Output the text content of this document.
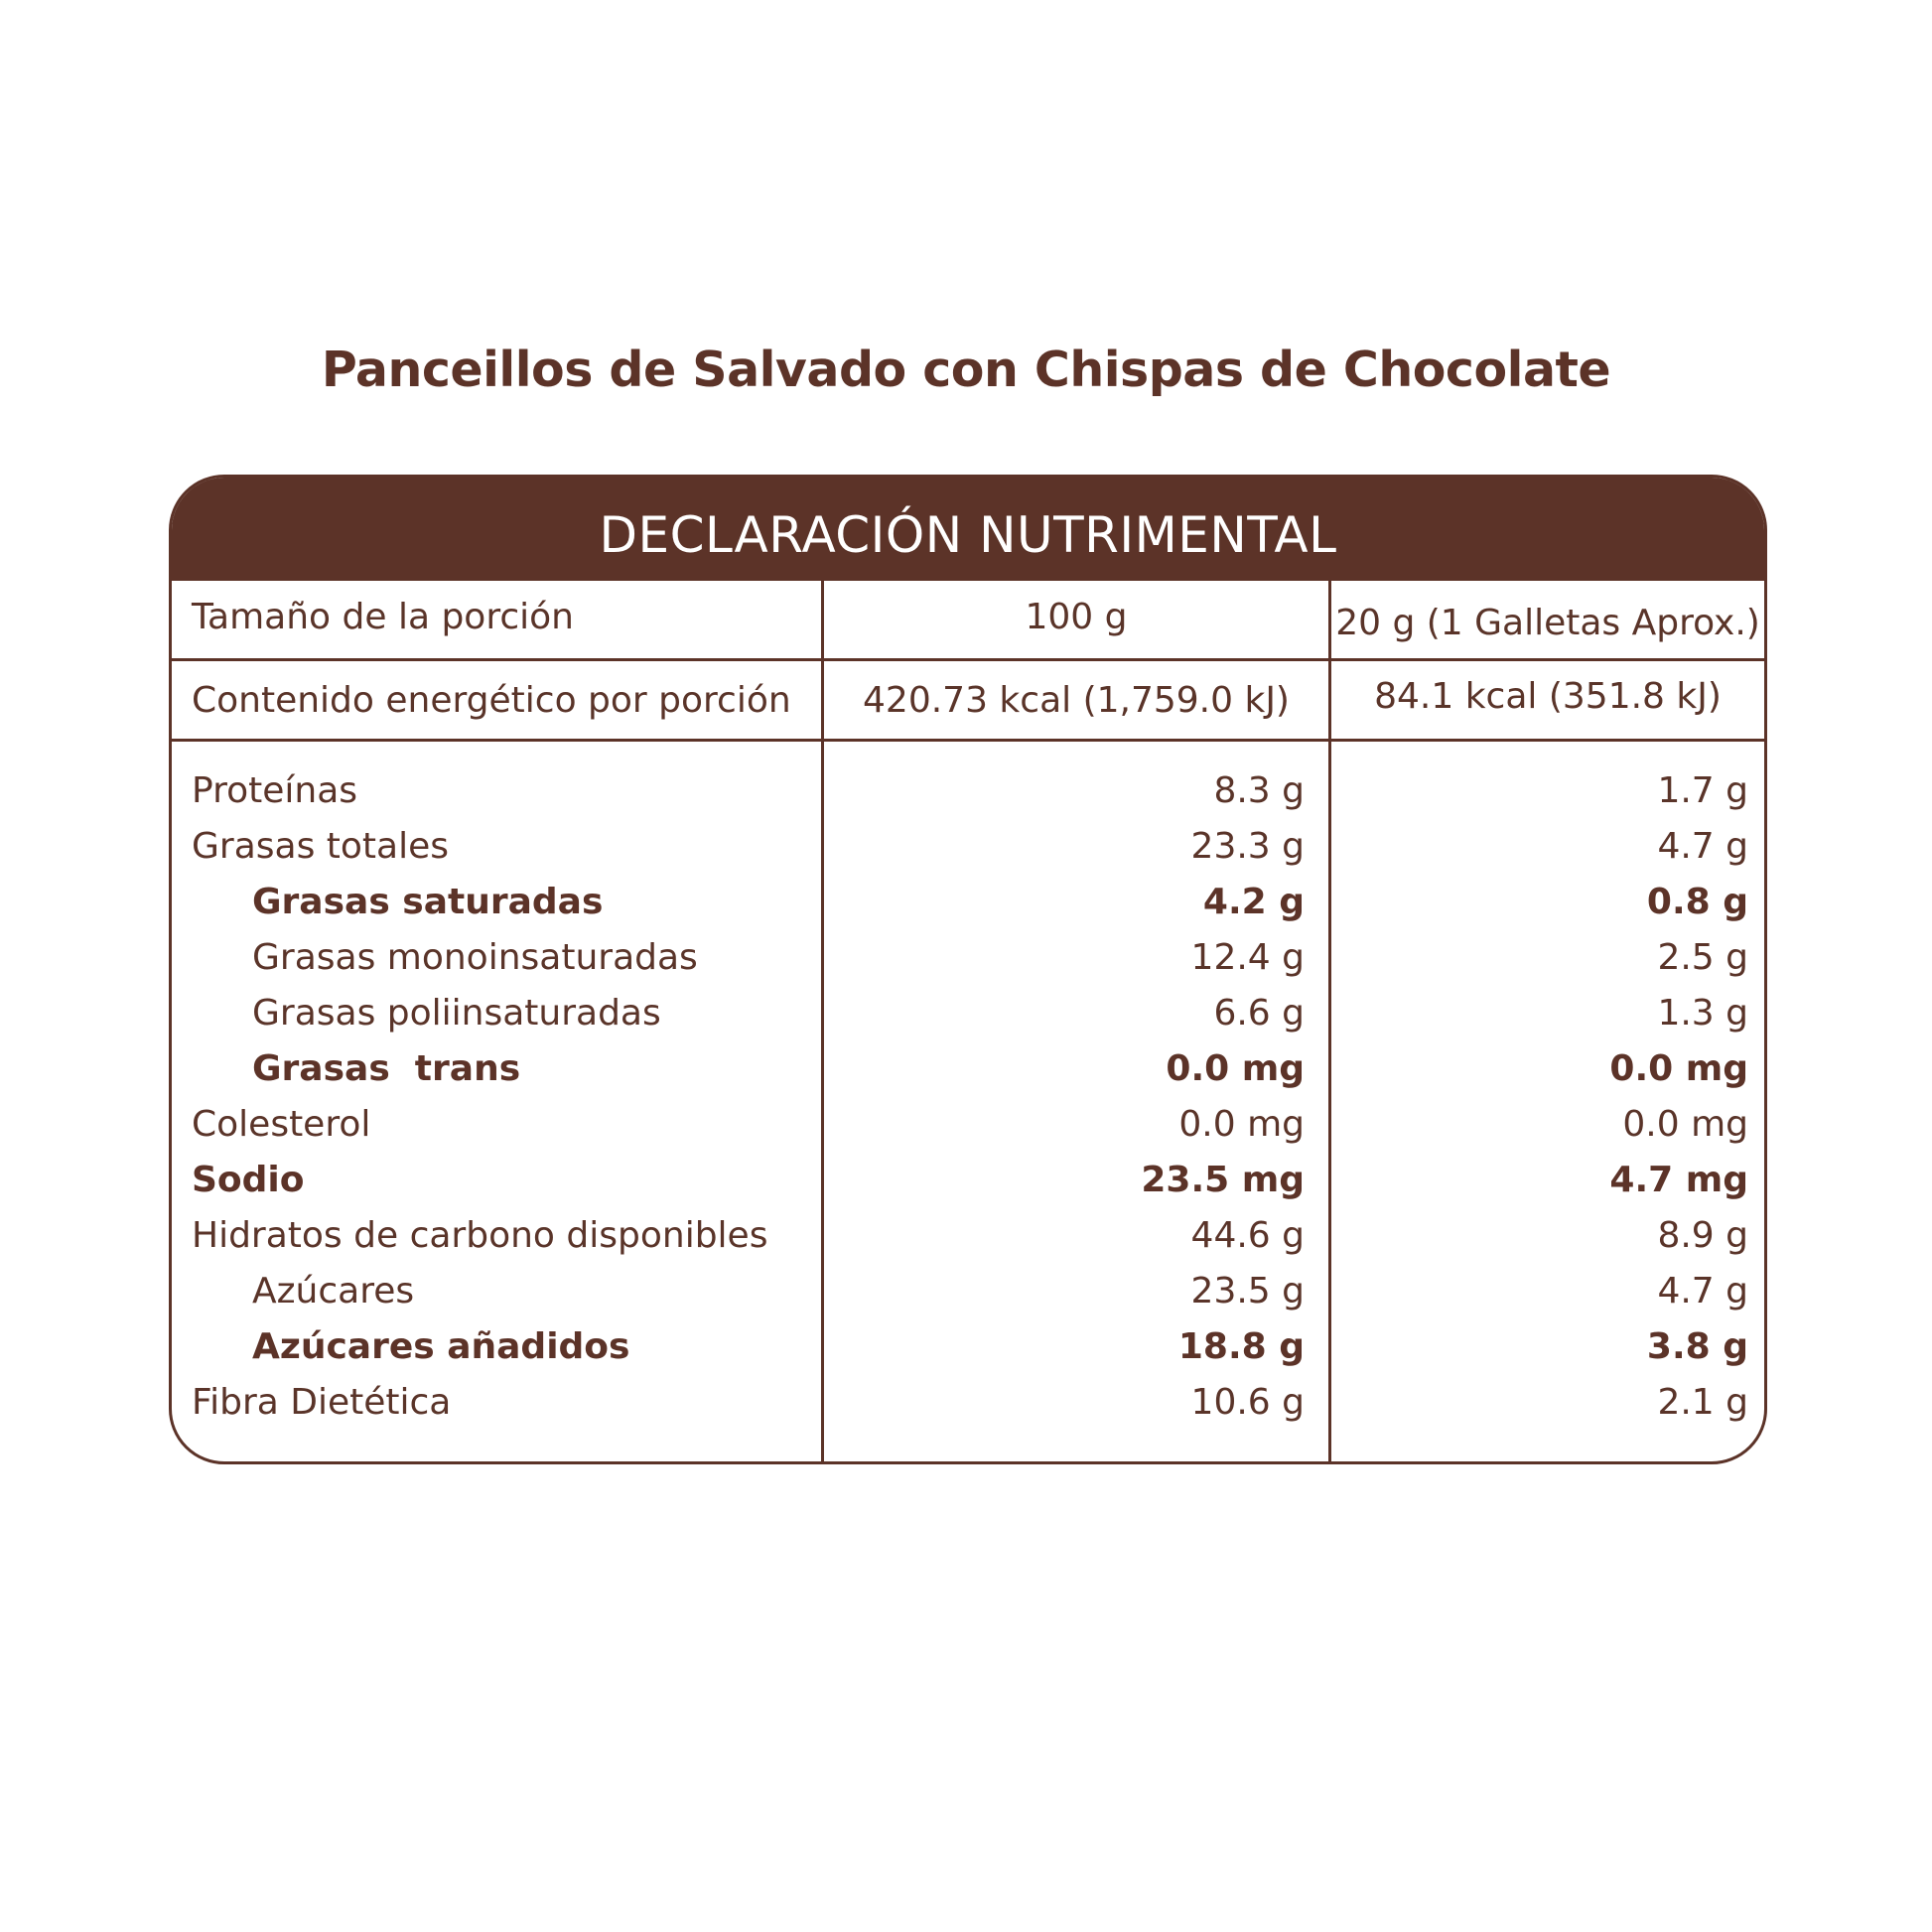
Panceillos de Salvado con Chispas de Chocolate
DECLARACIÓN NUTRIMENTAL
Tamaño de la porción	100 g	20 g (1 Galletas Aprox.)
Contenido energético por porción	420.73 kcal (1,759.0 kJ)	84.1 kcal (351.8 kJ)
Proteínas	8.3 g	1.7 g
Grasas totales	23.3 g	4.7 g
Grasas saturadas	4.2 g	0.8 g
Grasas monoinsaturadas	12.4 g	2.5 g
Grasas poliinsaturadas	6.6 g	1.3 g
Grasas  trans	0.0 mg	0.0 mg
Colesterol	0.0 mg	0.0 mg
Sodio	23.5 mg	4.7 mg
Hidratos de carbono disponibles	44.6 g	8.9 g
Azúcares	23.5 g	4.7 g
Azúcares añadidos	18.8 g	3.8 g
Fibra Dietética	10.6 g	2.1 g
